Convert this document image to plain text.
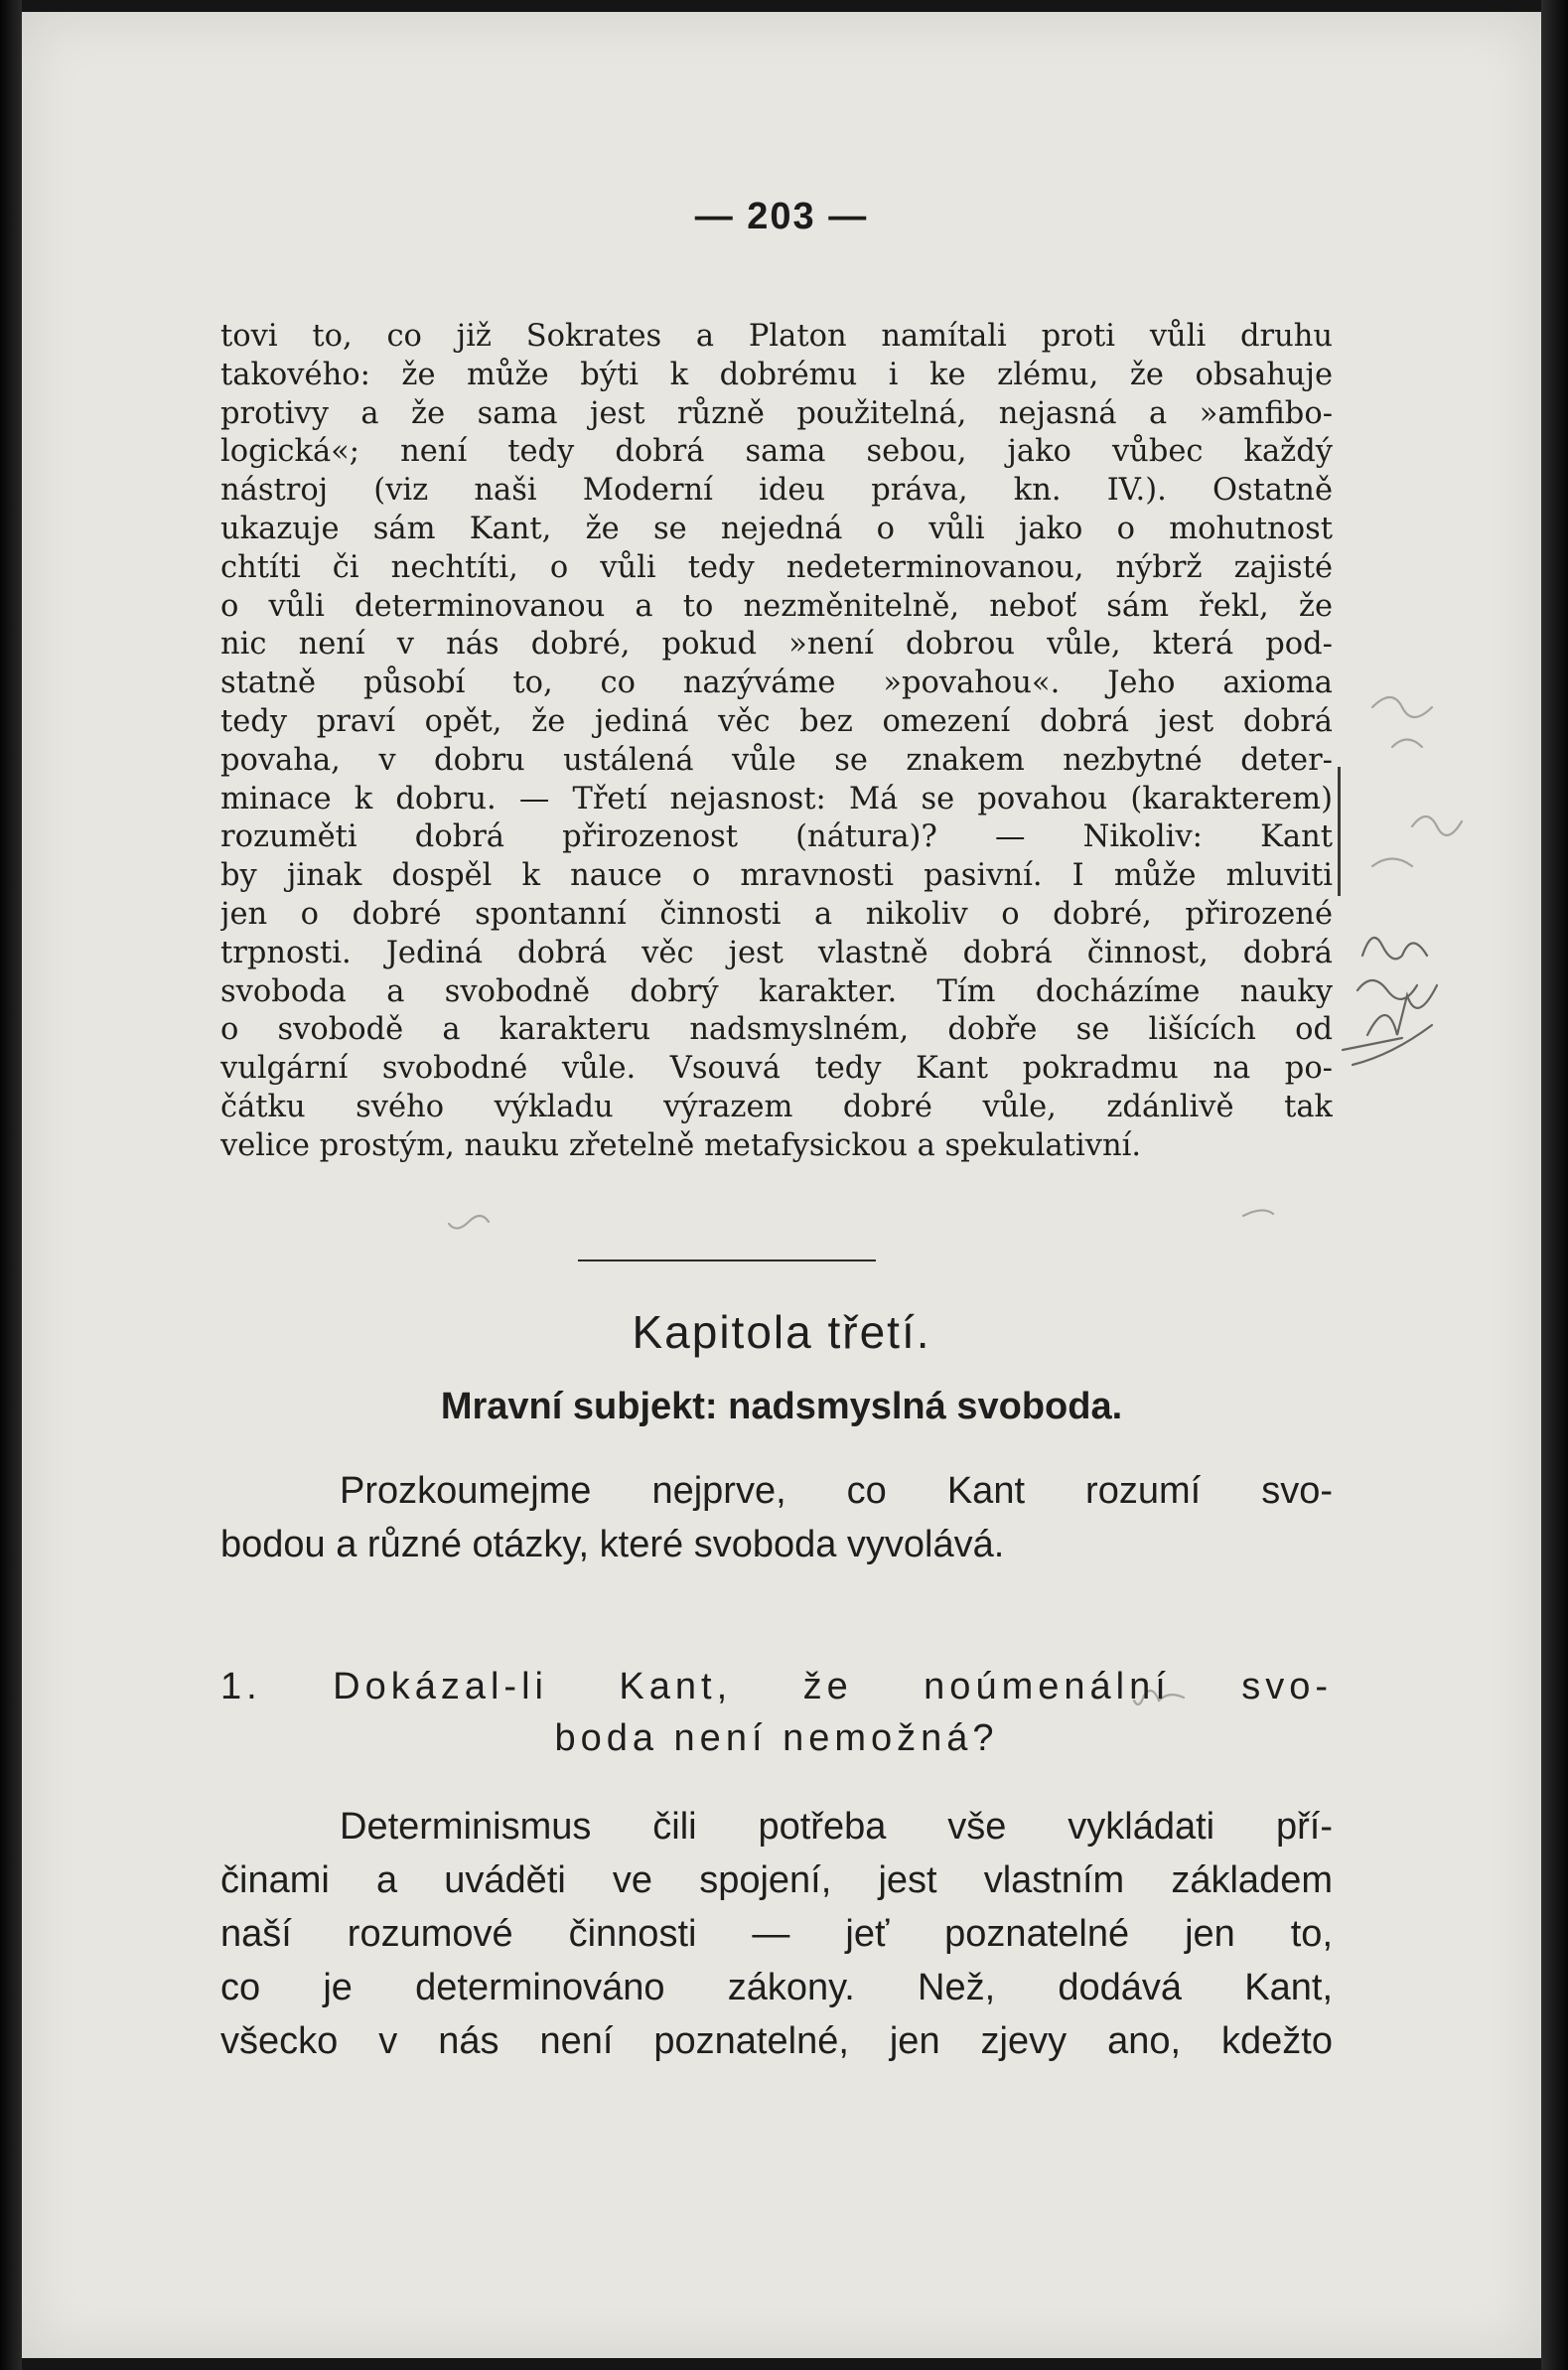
— 203 —
tovi to, co již Sokrates a Platon namítali proti vůli druhu
takového: že může býti k dobrému i ke zlému, že obsahuje
protivy a že sama jest různě použitelná, nejasná a »amfibo-
logická«; není tedy dobrá sama sebou, jako vůbec každý
nástroj (viz naši Moderní ideu práva, kn. IV.). Ostatně
ukazuje sám Kant, že se nejedná o vůli jako o mohutnost
chtíti či nechtíti, o vůli tedy nedeterminovanou, nýbrž zajisté
o vůli determinovanou a to nezměnitelně, neboť sám řekl, že
nic není v nás dobré, pokud »není dobrou vůle, která pod-
statně působí to, co nazýváme »povahou«. Jeho axioma
tedy praví opět, že jediná věc bez omezení dobrá jest dobrá
povaha, v dobru ustálená vůle se znakem nezbytné deter-
minace k dobru. — Třetí nejasnost: Má se povahou (karakterem)
rozuměti dobrá přirozenost (nátura)? — Nikoliv: Kant
by jinak dospěl k nauce o mravnosti pasivní. I může mluviti
jen o dobré spontanní činnosti a nikoliv o dobré, přirozené
trpnosti. Jediná dobrá věc jest vlastně dobrá činnost, dobrá
svoboda a svobodně dobrý karakter. Tím docházíme nauky
o svobodě a karakteru nadsmyslném, dobře se lišících od
vulgární svobodné vůle. Vsouvá tedy Kant pokradmu na po-
čátku svého výkladu výrazem dobré vůle, zdánlivě tak
velice prostým, nauku zřetelně metafysickou a spekulativní.
Kapitola třetí.
Mravní subjekt: nadsmyslná svoboda.
Prozkoumejme nejprve, co Kant rozumí svo-
bodou a různé otázky, které svoboda vyvolává.
1. Dokázal-li Kant, že noúmenální svo-
boda není nemožná?
Determinismus čili potřeba vše vykládati pří-
činami a uváděti ve spojení, jest vlastním základem
naší rozumové činnosti — jeť poznatelné jen to,
co je determinováno zákony. Než, dodává Kant,
všecko v nás není poznatelné, jen zjevy ano, kdežto
